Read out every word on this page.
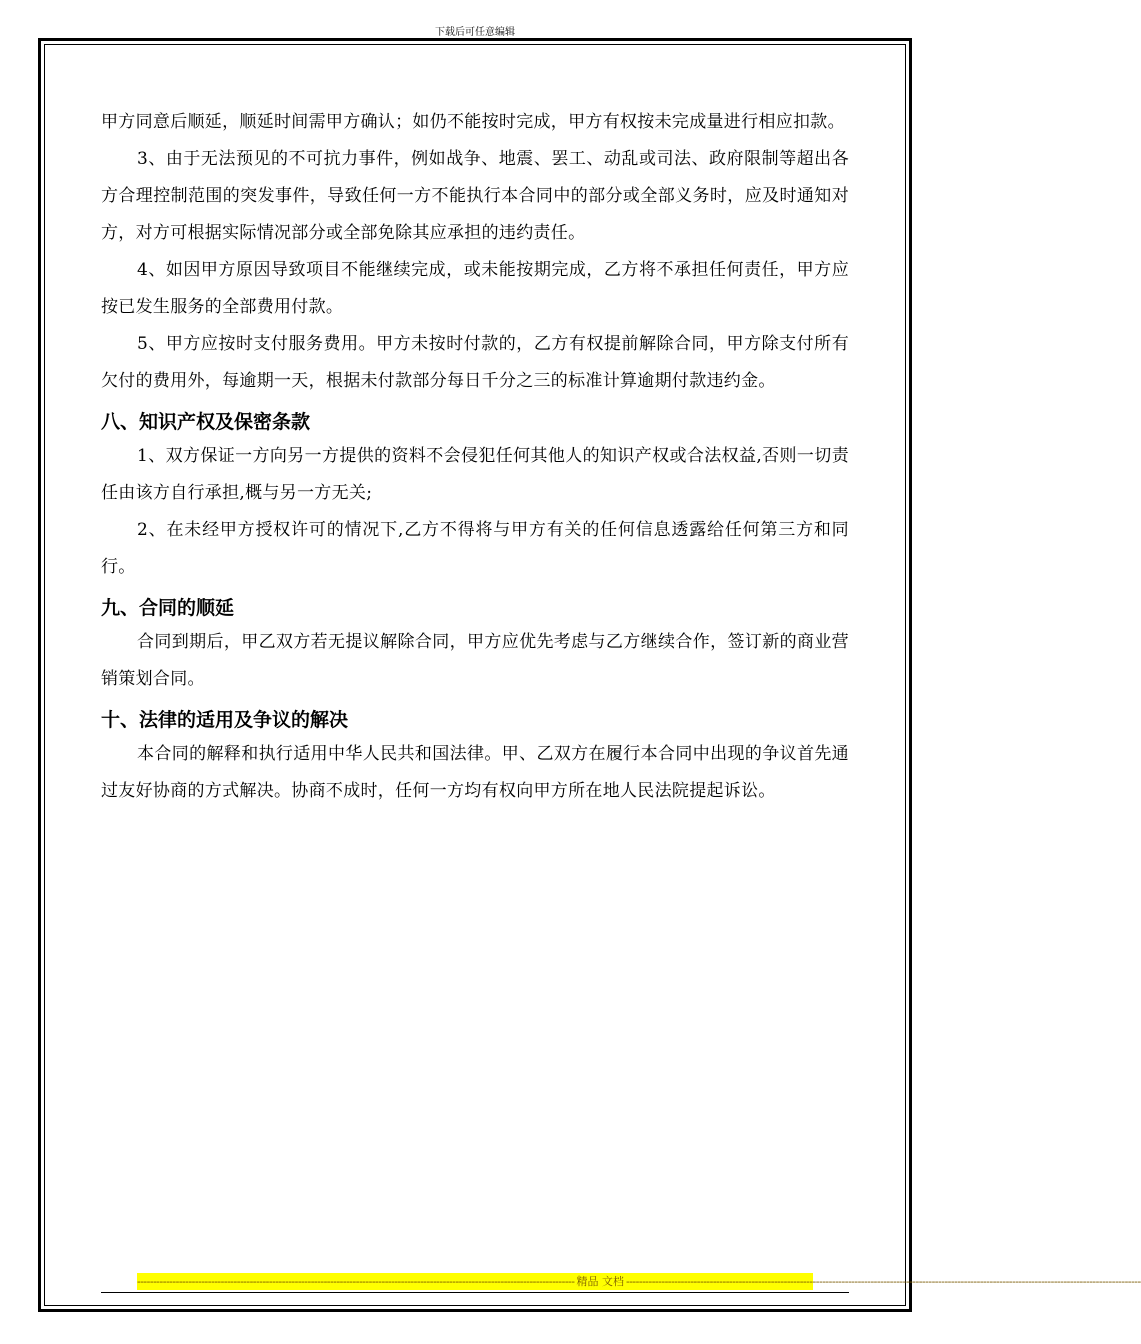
下载后可任意编辑

甲方同意后顺延，顺延时间需甲方确认；如仍不能按时完成，甲方有权按未完成量进行相应扣款。

3、由于无法预见的不可抗力事件，例如战争、地震、罢工、动乱或司法、政府限制等超出各方合理控制范围的突发事件，导致任何一方不能执行本合同中的部分或全部义务时，应及时通知对方，对方可根据实际情况部分或全部免除其应承担的违约责任。

4、如因甲方原因导致项目不能继续完成，或未能按期完成，乙方将不承担任何责任，甲方应按已发生服务的全部费用付款。

5、甲方应按时支付服务费用。甲方未按时付款的，乙方有权提前解除合同，甲方除支付所有欠付的费用外，每逾期一天，根据未付款部分每日千分之三的标准计算逾期付款违约金。

八、知识产权及保密条款

1、双方保证一方向另一方提供的资料不会侵犯任何其他人的知识产权或合法权益,否则一切责任由该方自行承担,概与另一方无关;

2、在未经甲方授权许可的情况下,乙方不得将与甲方有关的任何信息透露给任何第三方和同行。

九、合同的顺延

合同到期后，甲乙双方若无提议解除合同，甲方应优先考虑与乙方继续合作，签订新的商业营销策划合同。

十、法律的适用及争议的解决

本合同的解释和执行适用中华人民共和国法律。甲、乙双方在履行本合同中出现的争议首先通过友好协商的方式解决。协商不成时，任何一方均有权向甲方所在地人民法院提起诉讼。

---------------------------------------------------------------------------------------------------------------------------------------- 精品 文档 ----------------------------------------------------------------------------------------------------------------------------------------------------------------
